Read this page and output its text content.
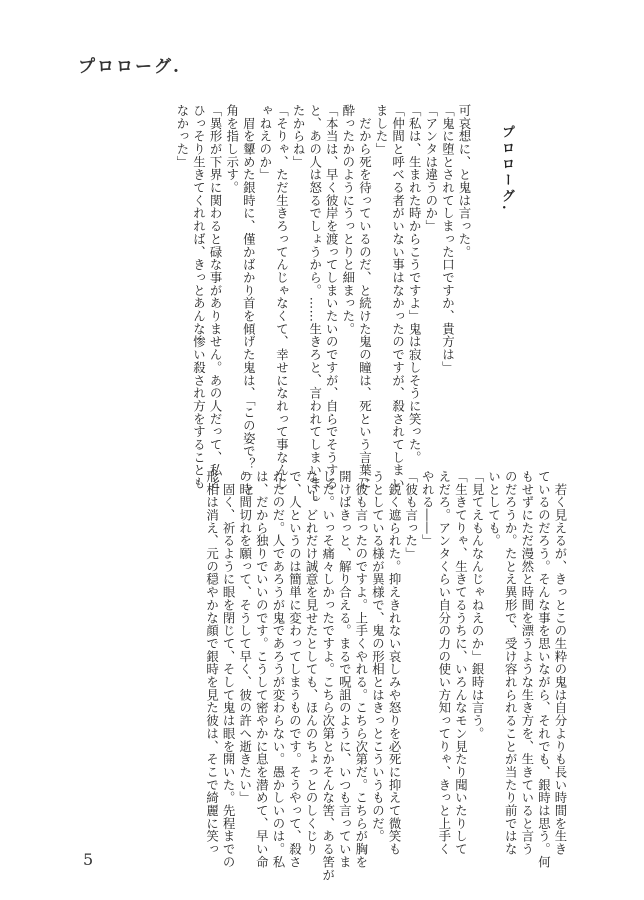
プロローグ.
プロローグ.
可哀想に、と鬼は言った。
「鬼に堕とされてしまった口ですか、貴方は」
「アンタは違うのか」
「私は、生まれた時からこうですよ」鬼は寂しそうに笑った。
「仲間と呼べる者がいない事はなかったのですが、殺されてしまい
ました」
　だから死を待っているのだ、と続けた鬼の瞳は、死という言葉に
酔ったかのようにうっとりと細まった。
「本当は、早く彼岸を渡ってしまいたいのですが、自らでそうする
と、あの人は怒るでしょうから。……生きろと、言われてしまいまし
たからね」
「そりゃ、ただ生きろってんじゃなくて、幸せになれって事なんじ
ゃねえのか」
　眉を顰めた銀時に、僅かばかり首を傾げた鬼は、「この姿で？」と
角を指し示す。
「異形が下界に関わると碌な事がありません。あの人だって、私と
ひっそり生きてくれれば、きっとあんな惨い殺され方をすることも
なかった」
　若く見えるが、きっとこの生粋の鬼は自分よりも長い時間を生き
ているのだろう。そんな事を思いながら、それでも、銀時は思う。何
もせずにただ漫然と時間を漂うような生き方を、生きていると言う
のだろうか。たとえ異形で、受け容れられることが当たり前ではな
いとしても。
「見てえもんなんじゃねえのか」銀時は言う。
「生きてりゃ、生きてるうちに、いろんなモン見たり聞いたりして
えだろ。アンタくらい自分の力の使い方知ってりゃ、きっと上手く
やれる――」
「彼も言った」
　鋭く遮られた。抑えきれない哀しみや怒りを必死に抑えて微笑も
うとしている様が異様で、鬼の形相とはきっとこういうものだ。
「彼も言ったのですよ。上手くやれる。こちら次第だ。こちらが胸を
開けばきっと、解り合える。まるで呪詛のように、いつも言っていま
した。いっそ痛々しかったですよ。こちら次第とかそんな筈、ある筈が
ない。どれだけ誠意を見せたとしても、ほんのちょっとのしくじり
で、人というのは簡単に変わってしまうものです。そうやって、殺さ
れたのだ。人であろうが鬼であろうが変わらない。愚かしいのは。私
は、だから独りでいいのです。こうして密やかに息を潜めて、早い命
の時間切れを願って、そうして早く、彼の許へ逝きたい」
　固く、祈るように眼を閉じて、そして鬼は眼を開いた。先程までの
形相は消え、元の穏やかな顔で銀時を見た彼は、そこで綺麗に笑っ
5
